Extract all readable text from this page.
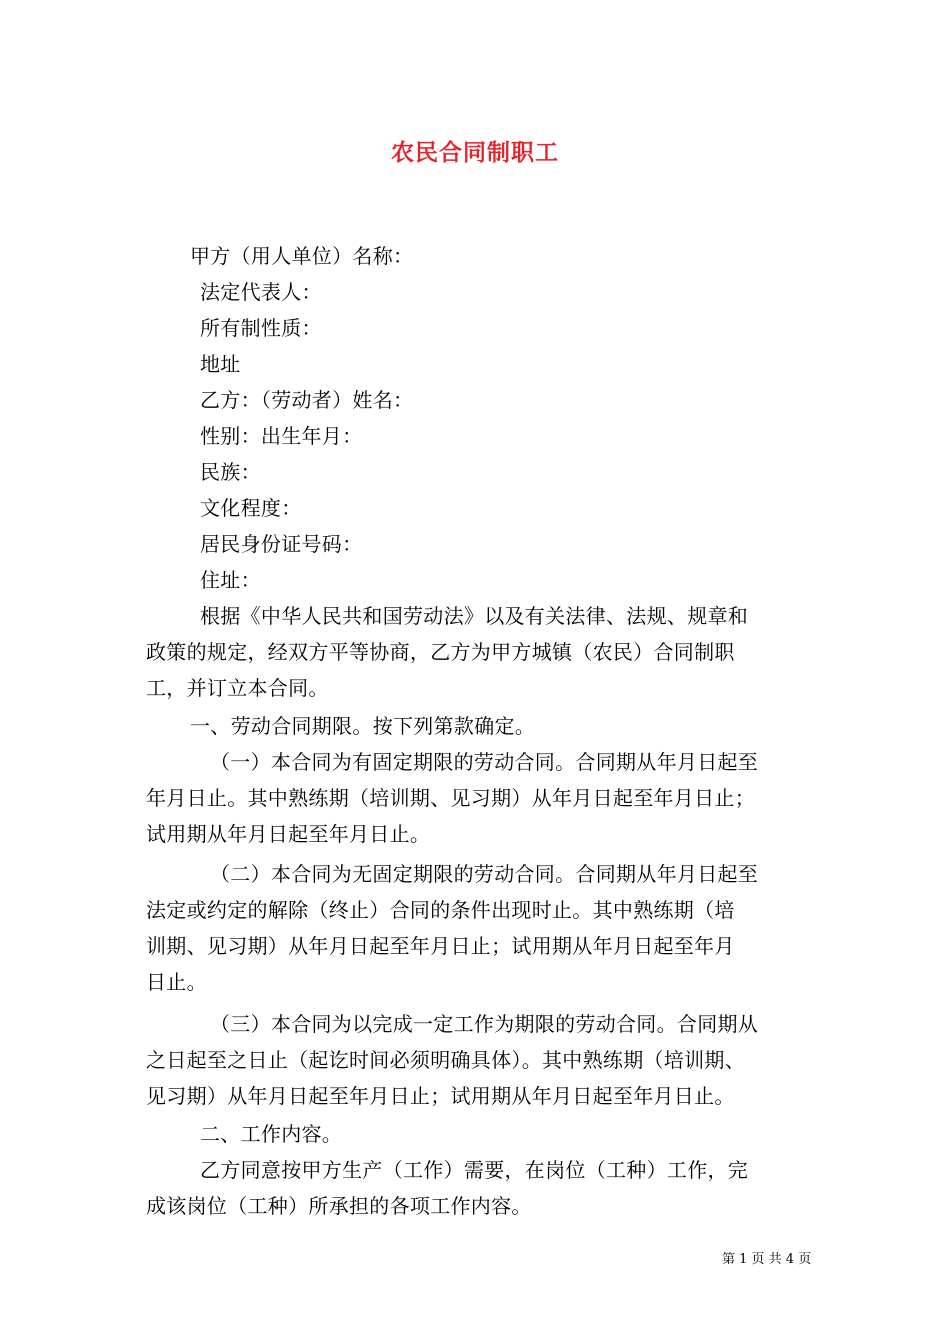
农民合同制职工
甲方（用人单位）名称：
法定代表人：
所有制性质：
地址
乙方：（劳动者）姓名：
性别：出生年月：
民族：
文化程度：
居民身份证号码：
住址：
根据《中华人民共和国劳动法》以及有关法律、法规、规章和
政策的规定，经双方平等协商，乙方为甲方城镇（农民）合同制职
工，并订立本合同。
一、劳动合同期限。按下列第款确定。
（一）本合同为有固定期限的劳动合同。合同期从年月日起至
年月日止。其中熟练期（培训期、见习期）从年月日起至年月日止；
试用期从年月日起至年月日止。
（二）本合同为无固定期限的劳动合同。合同期从年月日起至
法定或约定的解除（终止）合同的条件出现时止。其中熟练期（培
训期、见习期）从年月日起至年月日止；试用期从年月日起至年月
日止。
（三）本合同为以完成一定工作为期限的劳动合同。合同期从
之日起至之日止（起讫时间必须明确具体）。其中熟练期（培训期、
见习期）从年月日起至年月日止；试用期从年月日起至年月日止。
二、工作内容。
乙方同意按甲方生产（工作）需要，在岗位（工种）工作，完
成该岗位（工种）所承担的各项工作内容。
第 1 页 共 4 页
